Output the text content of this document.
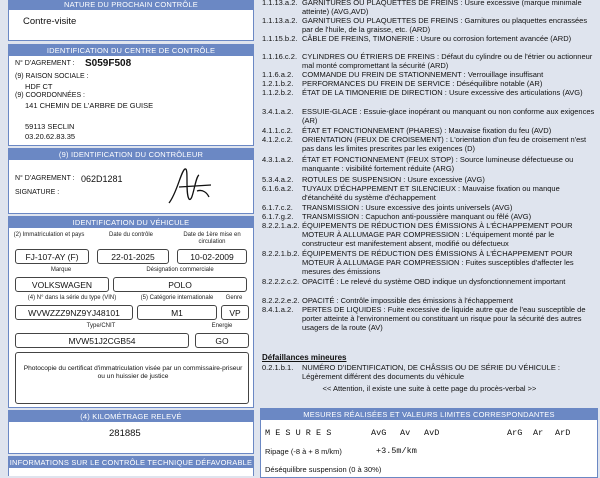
NATURE DU PROCHAIN CONTRÔLE
Contre-visite
IDENTIFICATION DU CENTRE DE CONTRÔLE
N° D'AGREMENT : S059F508
(9) RAISON SOCIALE :
HDF CT
(9) COORDONNÉES :
141 CHEMIN DE L'ARBRE DE GUISE
59113 SECLIN
03.20.62.83.35
(9) IDENTIFICATION DU CONTRÔLEUR
N° D'AGREMENT : 062D1281
SIGNATURE :
IDENTIFICATION DU VÉHICULE
(2) Immatriculation et pays	Date du contrôle	Date de 1ère mise en circulation
FJ-107-AY (F)	22-01-2025	10-02-2009
Marque	Désignation commerciale
VOLKSWAGEN	POLO
(4) N° dans la série du type (VIN)	(5) Catégorie internationale	Genre
WVWZZZ9NZ9YJ48101	M1	VP
Type/CNIT	Energie
MVW51J2CGB54	GO
Photocopie du certificat d'immatriculation visée par un commissaire-priseur ou un huissier de justice
(4) KILOMÉTRAGE RELEVÉ
281885
INFORMATIONS SUR LE CONTRÔLE TECHNIQUE DÉFAVORABLE
1.1.13.a.2. GARNITURES OU PLAQUETTES DE FREINS : Usure excessive (marque minimale atteinte) (AVG,AVD)
1.1.13.a.2. GARNITURES OU PLAQUETTES DE FREINS : Garnitures ou plaquettes encrassées par de l'huile, de la graisse, etc. (ARD)
1.1.15.b.2. CÂBLE DE FREINS, TIMONERIE : Usure ou corrosion fortement avancée (ARD)
1.1.16.c.2. CYLINDRES OU ÉTRIERS DE FREINS : Défaut du cylindre ou de l'étrier ou actionneur mal monté compromettant la sécurité (ARD)
1.1.6.a.2.	COMMANDE DU FREIN DE STATIONNEMENT : Verrouillage insuffisant
1.2.1.b.2.	PERFORMANCES DU FREIN DE SERVICE : Déséquilibre notable (AR)
1.1.2.b.2.	ÉTAT DE LA TIMONERIE DE DIRECTION : Usure excessive des articulations (AVG)
3.4.1.a.2.	ESSUIE-GLACE : Essuie-glace inopérant ou manquant ou non conforme aux exigences (AR)
4.1.1.c.2.	ÉTAT ET FONCTIONNEMENT (PHARES) : Mauvaise fixation du feu (AVD)
4.1.2.c.2.	ORIENTATION (FEUX DE CROISEMENT) : L'orientation d'un feu de croisement n'est pas dans les limites prescrites par les exigences (D)
4.3.1.a.2.	ÉTAT ET FONCTIONNEMENT (FEUX STOP) : Source lumineuse défectueuse ou manquante : visibilité fortement réduite (ARG)
5.3.4.a.2.	ROTULES DE SUSPENSION : Usure excessive (AVG)
6.1.6.a.2.	TUYAUX D'ÉCHAPPEMENT ET SILENCIEUX : Mauvaise fixation ou manque d'étanchéité du système d'échappement
6.1.7.c.2.	TRANSMISSION : Usure excessive des joints universels (AVG)
6.1.7.g.2.	TRANSMISSION : Capuchon anti-poussière manquant ou fêlé (AVG)
8.2.2.1.a.2. ÉQUIPEMENTS DE RÉDUCTION DES ÉMISSIONS À L'ÉCHAPPEMENT POUR MOTEUR À ALLUMAGE PAR COMPRESSION : L'équipement monté par le constructeur est manifestement absent, modifié ou défectueux
8.2.2.1.b.2. ÉQUIPEMENTS DE RÉDUCTION DES ÉMISSIONS À L'ÉCHAPPEMENT POUR MOTEUR À ALLUMAGE PAR COMPRESSION : Fuites susceptibles d'affecter les mesures des émissions
8.2.2.2.c.2. OPACITÉ : Le relevé du système OBD indique un dysfonctionnement important
8.2.2.2.e.2. OPACITÉ : Contrôle impossible des émissions à l'échappement
8.4.1.a.2.	PERTES DE LIQUIDES : Fuite excessive de liquide autre que de l'eau susceptible de porter atteinte à l'environnement ou constituant un risque pour la sécurité des autres usagers de la route (AV)
Défaillances mineures
0.2.1.b.1.	NUMÉRO D'IDENTIFICATION, DE CHÂSSIS OU DE SÉRIE DU VÉHICULE : Légèrement différent des documents du véhicule
<< Attention, il existe une suite à cette page du procès-verbal >>
MESURES RÉALISÉES ET VALEURS LIMITES CORRESPONDANTES
M E S U R E S	AvG Av AvD	ArG Ar ArD
Ripage (-8 à + 8 m/km)	+3.5m/km
Déséquilibre suspension (0 à 30%)
